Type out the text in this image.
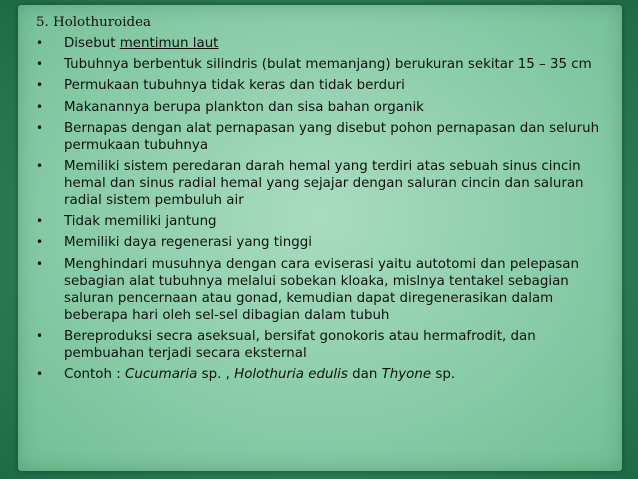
5. Holothuroidea
• Disebut mentimun laut
• Tubuhnya berbentuk silindris (bulat memanjang) berukuran sekitar 15 – 35 cm
• Permukaan tubuhnya tidak keras dan tidak berduri
• Makanannya berupa plankton dan sisa bahan organik
• Bernapas dengan alat pernapasan yang disebut pohon pernapasan dan seluruh permukaan tubuhnya
• Memiliki sistem peredaran darah hemal yang terdiri atas sebuah sinus cincin hemal dan sinus radial hemal yang sejajar dengan saluran cincin dan saluran radial sistem pembuluh air
• Tidak memiliki jantung
• Memiliki daya regenerasi yang tinggi
• Menghindari musuhnya dengan cara eviserasi yaitu autotomi dan pelepasan sebagian alat tubuhnya melalui sobekan kloaka, mislnya tentakel sebagian saluran pencernaan atau gonad, kemudian dapat diregenerasikan dalam beberapa hari oleh sel-sel dibagian dalam tubuh
• Bereproduksi secra aseksual, bersifat gonokoris atau hermafrodit, dan pembuahan terjadi secara eksternal
• Contoh : Cucumaria sp. , Holothuria edulis dan Thyone sp.
